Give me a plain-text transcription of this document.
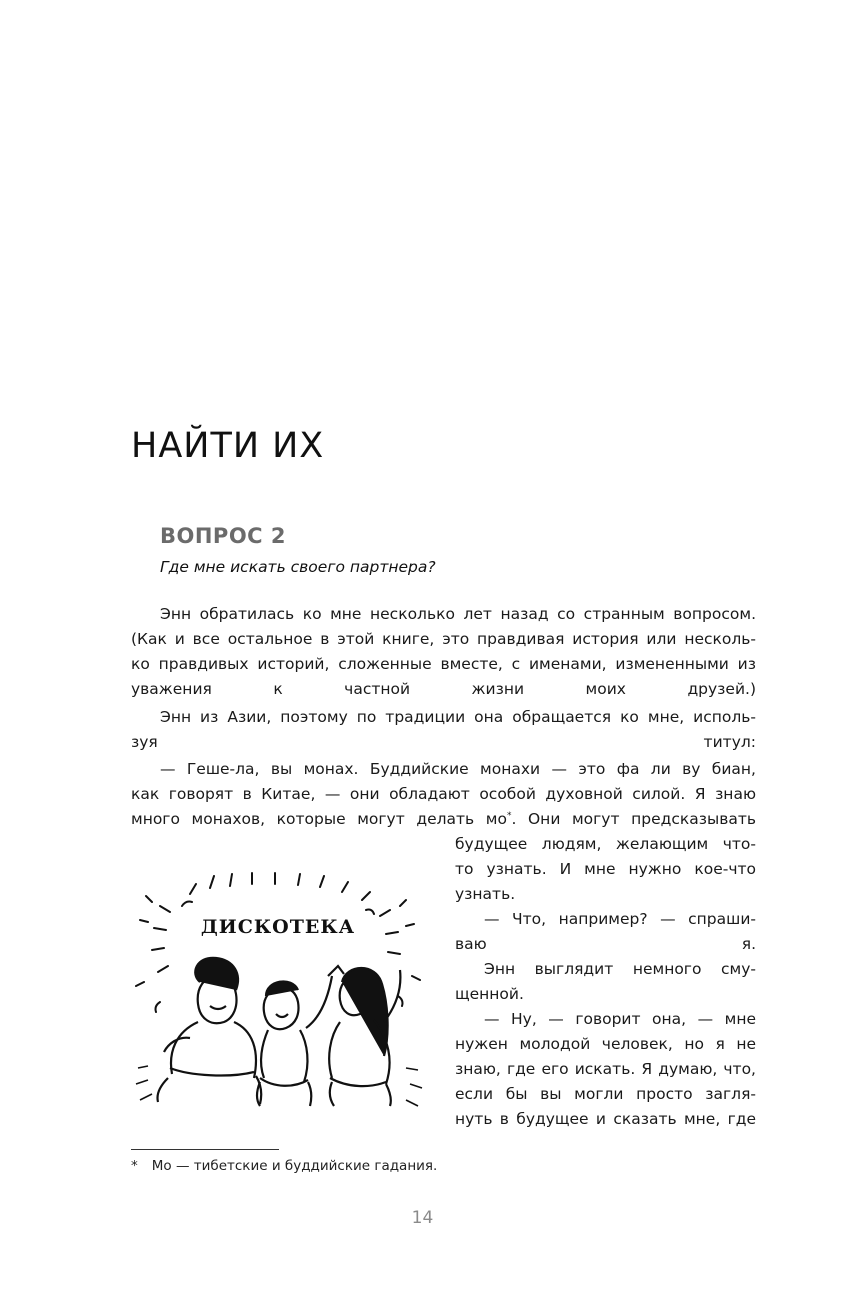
НАЙТИ ИХ
ВОПРОС 2
Где мне искать своего партнера?
Энн обратилась ко мне несколько лет назад со странным вопросом.
(Как и все остальное в этой книге, это правдивая история или несколь-
ко правдивых историй, сложенные вместе, с именами, измененными из
уважения к частной жизни моих друзей.)
Энн из Азии, поэтому по традиции она обращается ко мне, исполь-
зуя титул:
— Геше-ла, вы монах. Буддийские монахи — это фа ли ву биан,
как говорят в Китае, — они обладают особой духовной силой. Я знаю
много монахов, которые могут делать мо*. Они могут предсказывать
будущее людям, желающим что-
то узнать. И мне нужно кое-что
узнать.
— Что, например? — спраши-
ваю я.
Энн выглядит немного сму-
щенной.
— Ну, — говорит она, — мне
нужен молодой человек, но я не
знаю, где его искать. Я думаю, что,
если бы вы могли просто загля-
нуть в будущее и сказать мне, где
ДИСКОТЕКА
* Мо — тибетские и буддийские гадания.
14
